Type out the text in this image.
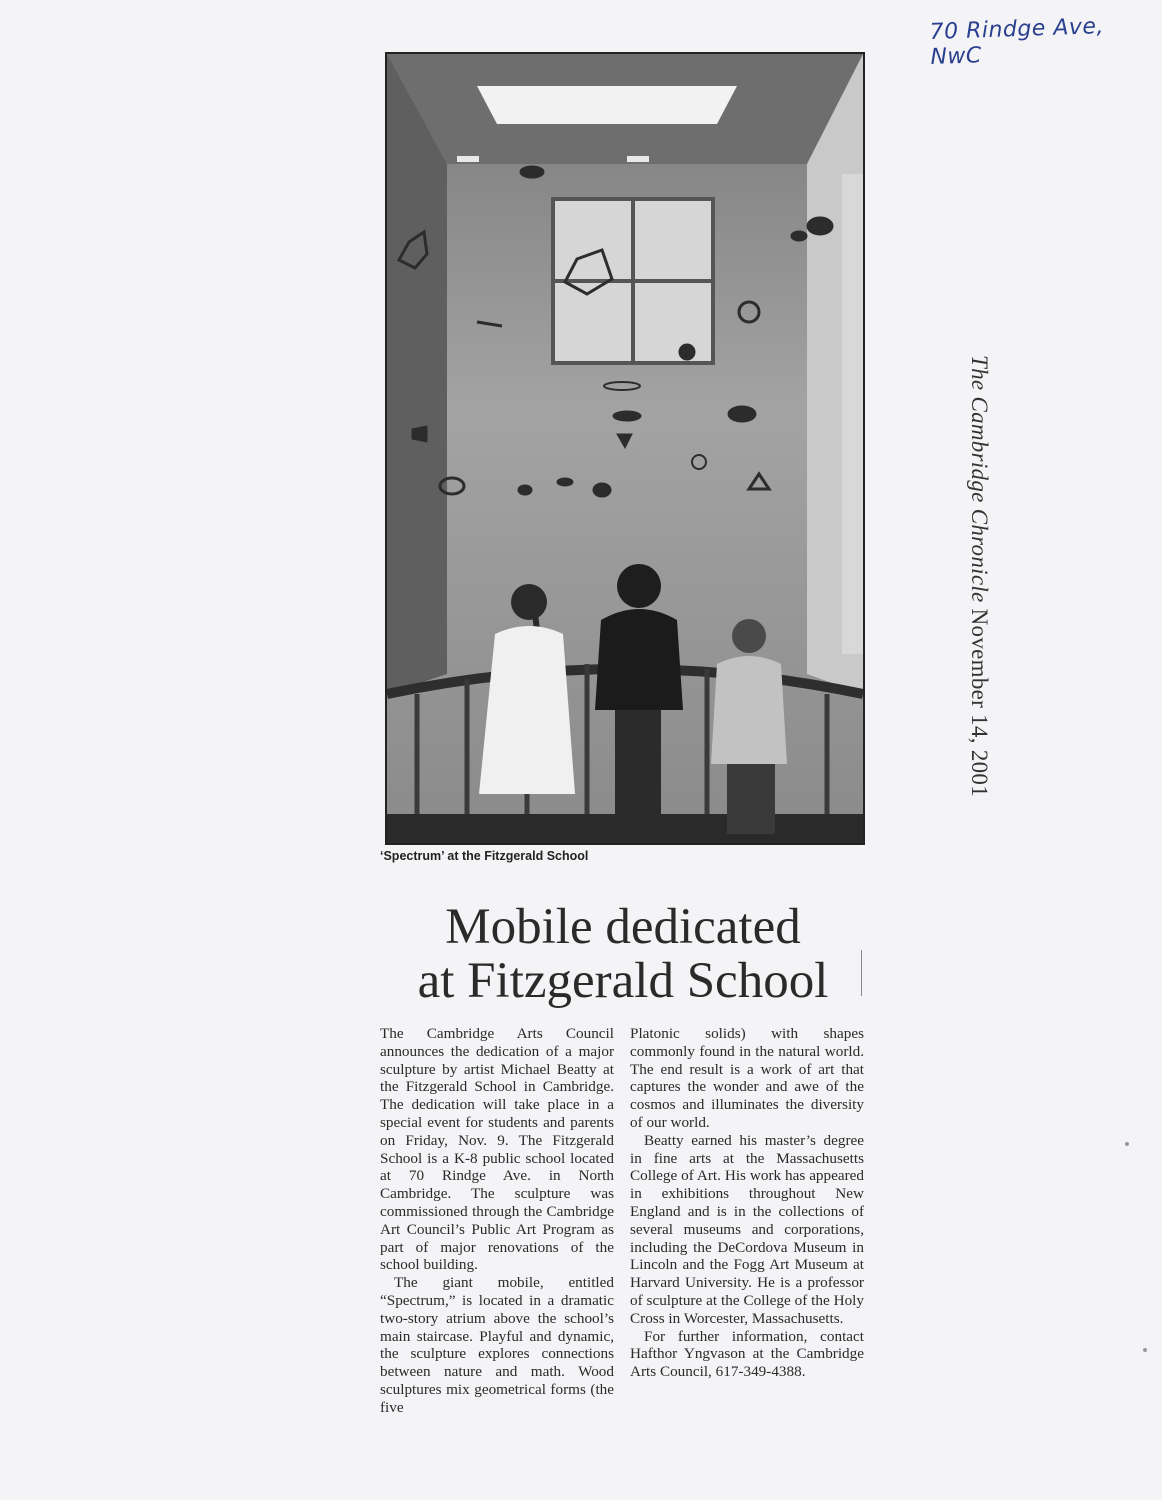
70 Rindge Ave, NwC
The Cambridge Chronicle November 14, 2001
‘Spectrum’ at the Fitzgerald School
Mobile dedicated
at Fitzgerald School

The Cambridge Arts Council announces the dedication of a major sculpture by artist Michael Beatty at the Fitzgerald School in Cambridge. The dedication will take place in a special event for students and parents on Friday, Nov. 9. The Fitzgerald School is a K-8 public school located at 70 Rindge Ave. in North Cambridge. The sculpture was commissioned through the Cambridge Art Council’s Public Art Program as part of major renovations of the school building.

The giant mobile, entitled “Spectrum,” is located in a dramatic two-story atrium above the school’s main staircase. Playful and dynamic, the sculpture explores connections between nature and math. Wood sculptures mix geometrical forms (the five

Platonic solids) with shapes commonly found in the natural world. The end result is a work of art that captures the wonder and awe of the cosmos and illuminates the diversity of our world.

Beatty earned his master’s degree in fine arts at the Massachusetts College of Art. His work has appeared in exhibitions throughout New England and is in the collections of several museums and corporations, including the DeCordova Museum in Lincoln and the Fogg Art Museum at Harvard University. He is a professor of sculpture at the College of the Holy Cross in Worcester, Massachusetts.

For further information, contact Hafthor Yngvason at the Cambridge Arts Council, 617-349-4388.
